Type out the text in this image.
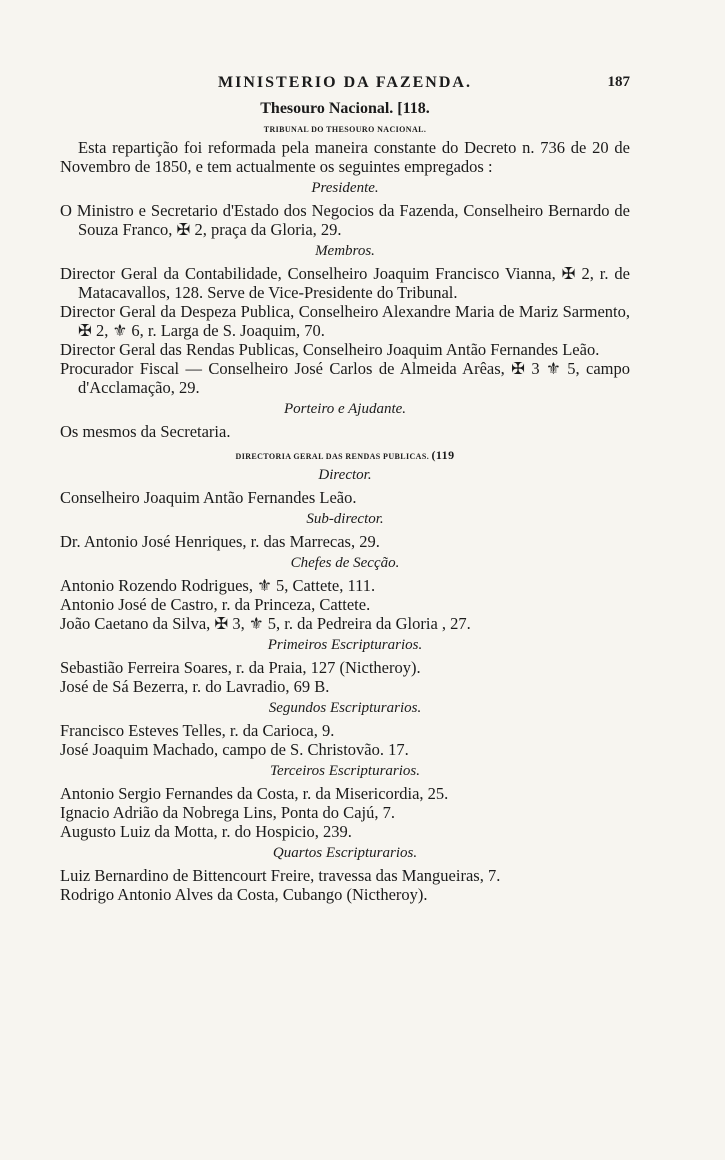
MINISTERIO DA FAZENDA.	187
Thesouro Nacional. [118.
TRIBUNAL DO THESOURO NACIONAL.

Esta repartição foi reformada pela maneira constante do Decreto n. 736 de 20 de Novembro de 1850, e tem actualmente os seguintes empregados :

Presidente.

O Ministro e Secretario d'Estado dos Negocios da Fazenda, Conselheiro Bernardo de Souza Franco, ✠ 2, praça da Gloria, 29.

Membros.

Director Geral da Contabilidade, Conselheiro Joaquim Francisco Vianna, ✠ 2, r. de Matacavallos, 128. Serve de Vice-Presidente do Tribunal.

Director Geral da Despeza Publica, Conselheiro Alexandre Maria de Mariz Sarmento, ✠ 2, ⚜ 6, r. Larga de S. Joaquim, 70.

Director Geral das Rendas Publicas, Conselheiro Joaquim Antão Fernandes Leão.

Procurador Fiscal — Conselheiro José Carlos de Almeida Arêas, ✠ 3 ⚜ 5, campo d'Acclamação, 29.

Porteiro e Ajudante.

Os mesmos da Secretaria.

DIRECTORIA GERAL DAS RENDAS PUBLICAS. (119
Director.

Conselheiro Joaquim Antão Fernandes Leão.

Sub-director.

Dr. Antonio José Henriques, r. das Marrecas, 29.

Chefes de Secção.

Antonio Rozendo Rodrigues, ⚜ 5, Cattete, 111.

Antonio José de Castro, r. da Princeza, Cattete.

João Caetano da Silva, ✠ 3, ⚜ 5, r. da Pedreira da Gloria , 27.

Primeiros Escripturarios.

Sebastião Ferreira Soares, r. da Praia, 127 (Nictheroy).

José de Sá Bezerra, r. do Lavradio, 69 B.

Segundos Escripturarios.

Francisco Esteves Telles, r. da Carioca, 9.

José Joaquim Machado, campo de S. Christovão. 17.

Terceiros Escripturarios.

Antonio Sergio Fernandes da Costa, r. da Misericordia, 25.

Ignacio Adrião da Nobrega Lins, Ponta do Cajú, 7.

Augusto Luiz da Motta, r. do Hospicio, 239.

Quartos Escripturarios.

Luiz Bernardino de Bittencourt Freire, travessa das Mangueiras, 7.

Rodrigo Antonio Alves da Costa, Cubango (Nictheroy).
